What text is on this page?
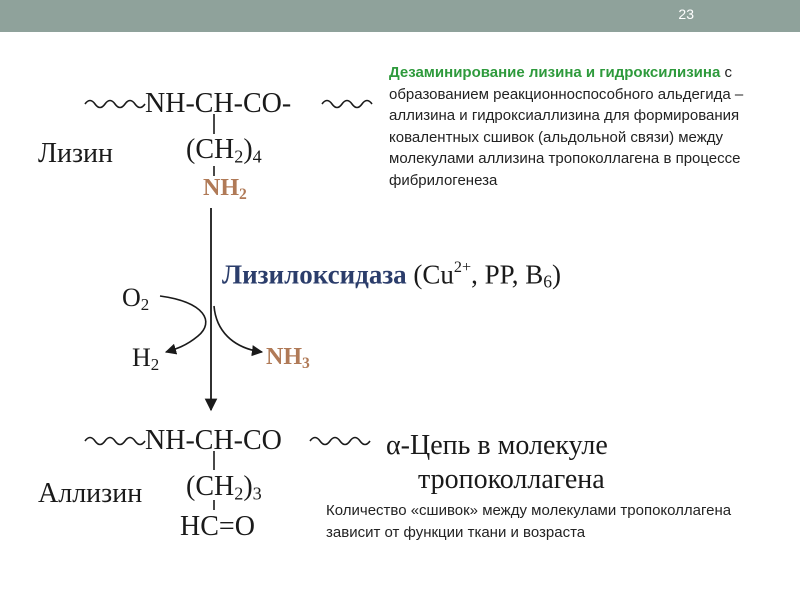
23
NH-CH-CO-
Лизин	$(CH_2)_4$
$NH_2$
Дезаминирование лизина и гидроксилизина с образованием реакционноспособного альдегида – аллизина и гидроксиаллизина для формирования ковалентных сшивок (альдольной связи) между молекулами аллизина тропоколлагена в процессе фибрилогенеза
Лизилоксидаза ($Cu^{2+}$, PP, $B_6$)
$O_2$
$H_2$	$NH_3$
NH-CH-CO	α-Цепь в молекуле
тропоколлагена
Аллизин $(CH_2)_3$
HC=O
Количество «сшивок» между молекулами тропоколлагена зависит от функции ткани и возраста
